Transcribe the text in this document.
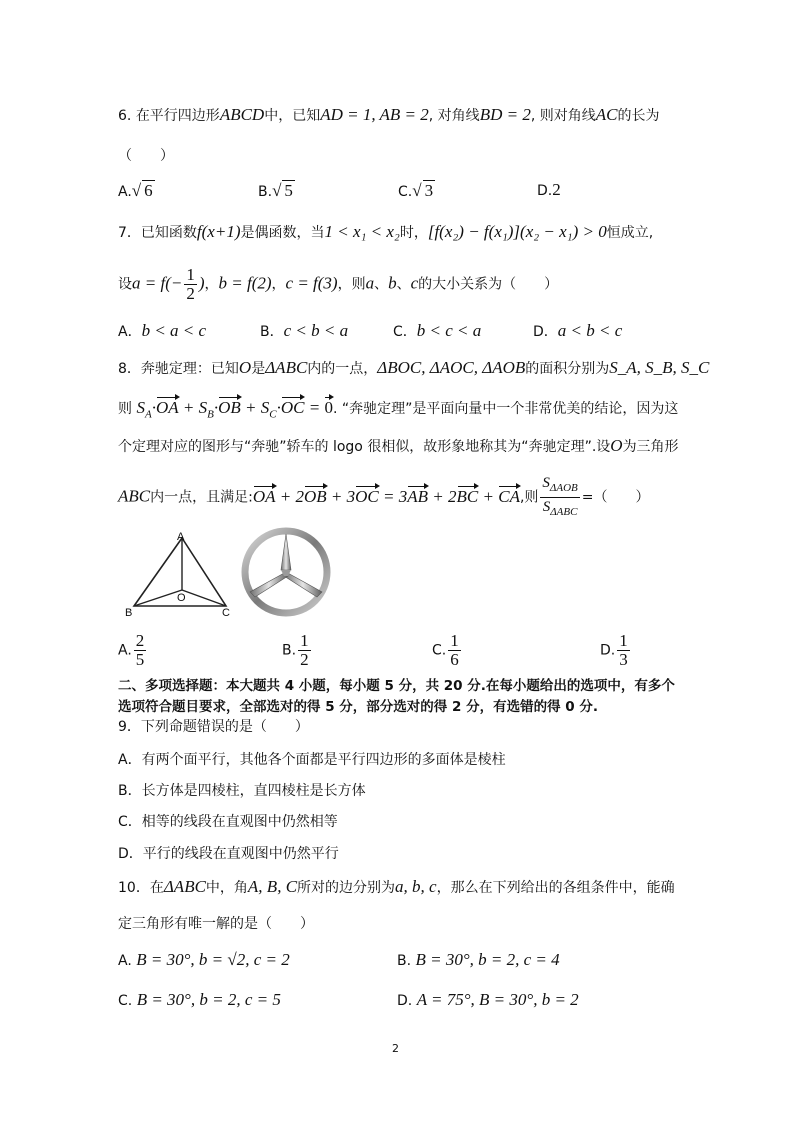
6. 在平行四边形ABCD中，已知AD = 1, AB = 2, 对角线BD = 2, 则对角线AC的长为
（　　）
A.√ 6	B.√ 5	C.√ 3	D.2
7．已知函数f(x+1)是偶函数，当1 < x₁ < x₂时，[f(x₂) − f(x₁)](x₂ − x₁) > 0恒成立,
设$a = f(- \frac{1}{2}$ )，b = f(2)，c = f(3)，则a、b、c的大小关系为（　　）
A．b < a < c	B．c < b < a	C．b < c < a	D．a < b < c
8．奔驰定理：已知O是ΔABC内的一点，ΔBOC, ΔAOC, ΔAOB的面积分别为S_A, S_B, S_C
则 $S_A\cdot OA + S_B\cdot OB + S_C\cdot OC = 0$. “奔驰定理”是平面向量中一个非常优美的结论，因为这
个定理对应的图形与“奔驰”轿车的 logo 很相似，故形象地称其为“奔驰定理”.设O为三角形
ABC内一点，且满足:OA + 2OB + 3OC = 3AB + 2BC + CA,则 $\frac{S_{\Delta AOB}}{S_{\Delta ABC}}$ =（　　）
A
B	C
O
A. $\frac{2}{5}$	B. $\frac{1}{2}$	C. $\frac{1}{6}$	D. $\frac{1}{3}$
二、多项选择题：本大题共 4 小题，每小题 5 分，共 20 分.在每小题给出的选项中，有多个
选项符合题目要求，全部选对的得 5 分，部分选对的得 2 分，有选错的得 0 分.
9．下列命题错误的是（　　）
A．有两个面平行，其他各个面都是平行四边形的多面体是棱柱
B．长方体是四棱柱，直四棱柱是长方体
C．相等的线段在直观图中仍然相等
D．平行的线段在直观图中仍然平行
10．在ΔABC中，角A, B, C所对的边分别为a, b, c，那么在下列给出的各组条件中，能确
定三角形有唯一解的是（　　）
A. B = 30°, b = √2, c = 2	B. B = 30°, b = 2, c = 4
C. B = 30°, b = 2, c = 5	D. A = 75°, B = 30°, b = 2
2
